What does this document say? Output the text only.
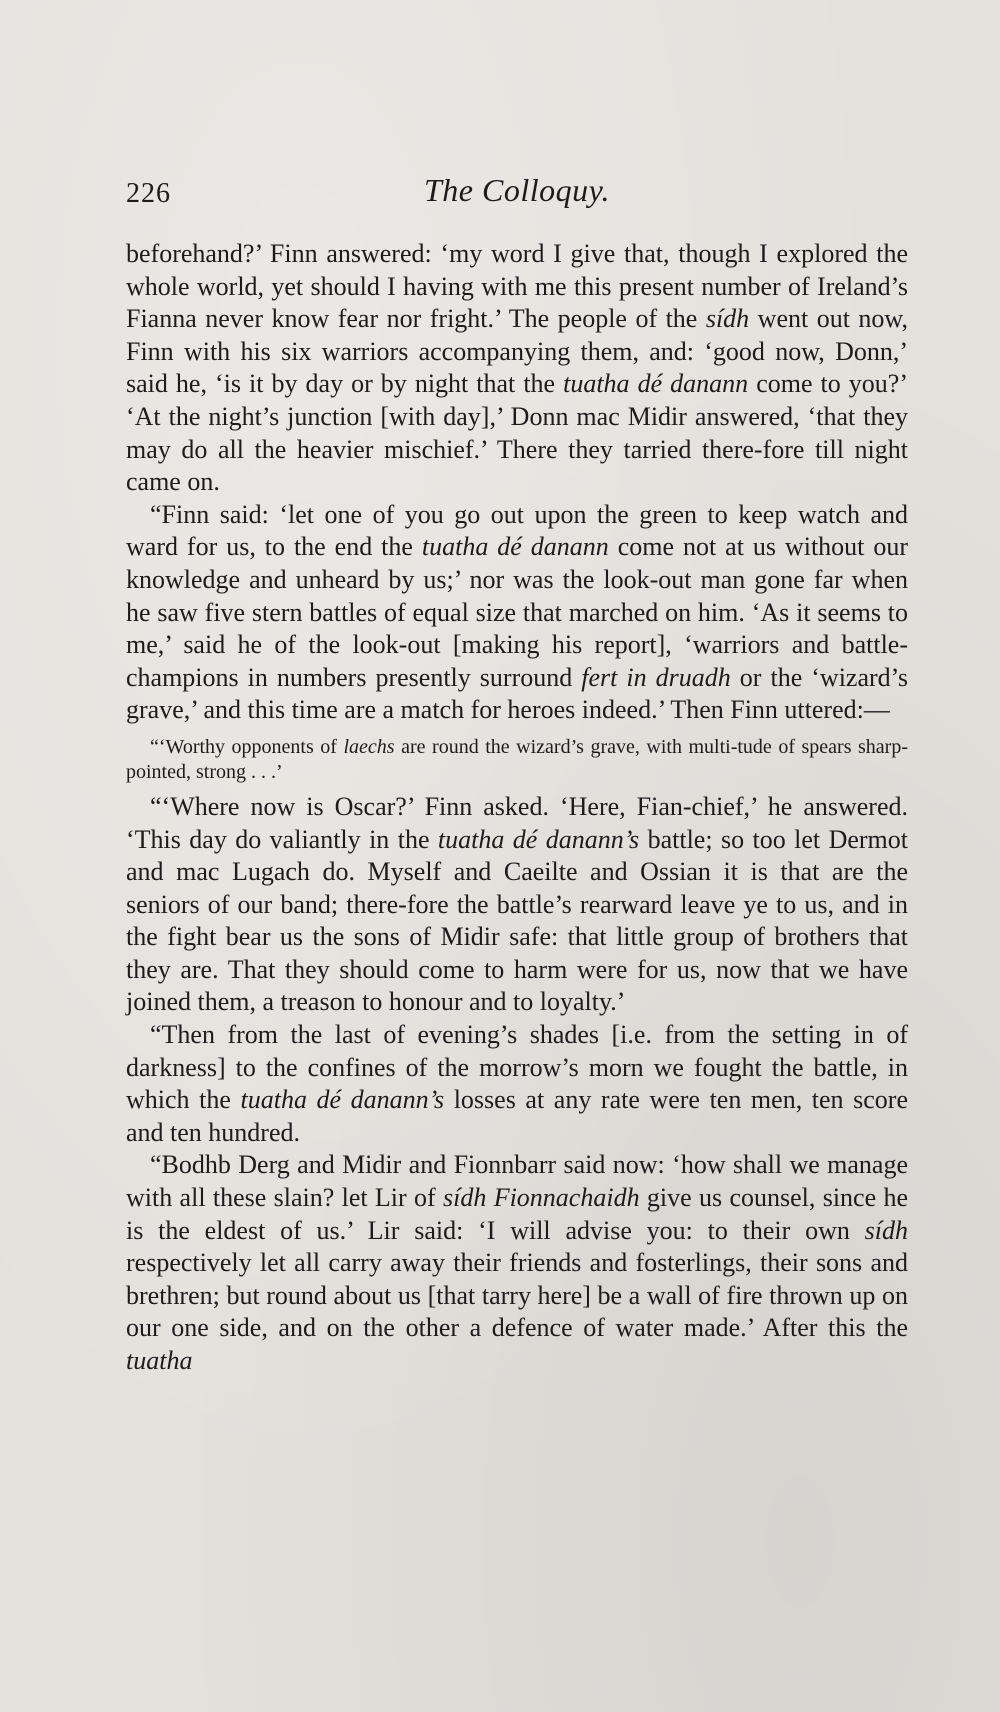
226	The Colloquy.

beforehand?’ Finn answered: ‘my word I give that, though I explored the whole world, yet should I having with me this present number of Ireland’s Fianna never know fear nor fright.’ The people of the sídh went out now, Finn with his six warriors accompanying them, and: ‘good now, Donn,’ said he, ‘is it by day or by night that the tuatha dé danann come to you?’ ‘At the night’s junction [with day],’ Donn mac Midir answered, ‘that they may do all the heavier mischief.’ There they tarried there-fore till night came on.

“Finn said: ‘let one of you go out upon the green to keep watch and ward for us, to the end the tuatha dé danann come not at us without our knowledge and unheard by us;’ nor was the look-out man gone far when he saw five stern battles of equal size that marched on him. ‘As it seems to me,’ said he of the look-out [making his report], ‘warriors and battle-champions in numbers presently surround fert in druadh or the ‘wizard’s grave,’ and this time are a match for heroes indeed.’ Then Finn uttered:—

“‘Worthy opponents of laechs are round the wizard’s grave, with multi-tude of spears sharp-pointed, strong . . .’

“‘Where now is Oscar?’ Finn asked. ‘Here, Fian-chief,’ he answered. ‘This day do valiantly in the tuatha dé danann’s battle; so too let Dermot and mac Lugach do. Myself and Caeilte and Ossian it is that are the seniors of our band; there-fore the battle’s rearward leave ye to us, and in the fight bear us the sons of Midir safe: that little group of brothers that they are. That they should come to harm were for us, now that we have joined them, a treason to honour and to loyalty.’

“Then from the last of evening’s shades [i.e. from the setting in of darkness] to the confines of the morrow’s morn we fought the battle, in which the tuatha dé danann’s losses at any rate were ten men, ten score and ten hundred.

“Bodhb Derg and Midir and Fionnbarr said now: ‘how shall we manage with all these slain? let Lir of sídh Fionnachaidh give us counsel, since he is the eldest of us.’ Lir said: ‘I will advise you: to their own sídh respectively let all carry away their friends and fosterlings, their sons and brethren; but round about us [that tarry here] be a wall of fire thrown up on our one side, and on the other a defence of water made.’ After this the tuatha
